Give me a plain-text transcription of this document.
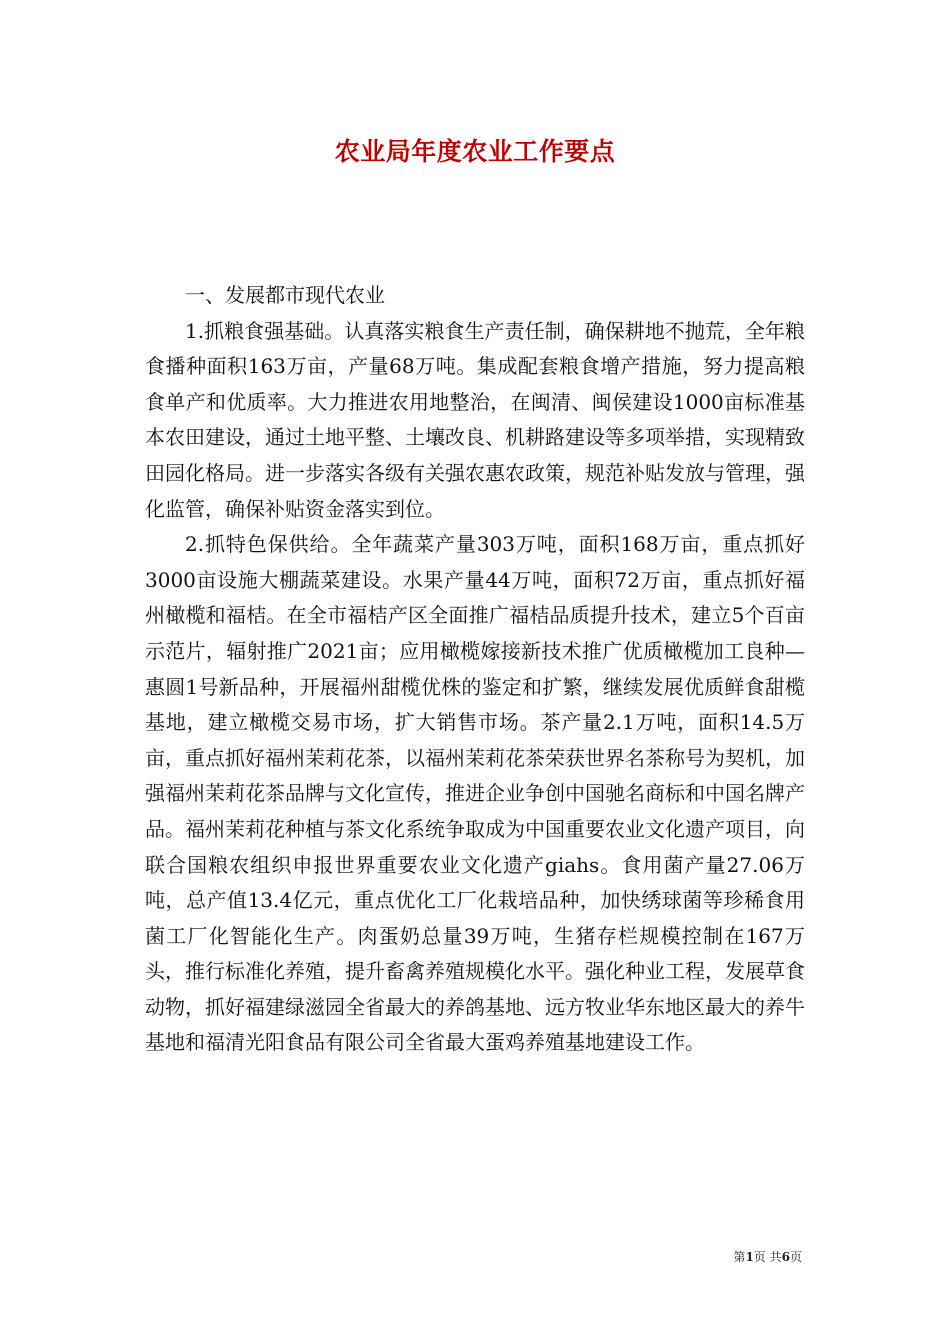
农业局年度农业工作要点

一、发展都市现代农业

1.抓粮食强基础。认真落实粮食生产责任制，确保耕地不抛荒，全年粮食播种面积163万亩，产量68万吨。集成配套粮食增产措施，努力提高粮食单产和优质率。大力推进农用地整治，在闽清、闽侯建设1000亩标准基本农田建设，通过土地平整、土壤改良、机耕路建设等多项举措，实现精致田园化格局。进一步落实各级有关强农惠农政策，规范补贴发放与管理，强化监管，确保补贴资金落实到位。

2.抓特色保供给。全年蔬菜产量303万吨，面积168万亩，重点抓好3000亩设施大棚蔬菜建设。水果产量44万吨，面积72万亩，重点抓好福州橄榄和福桔。在全市福桔产区全面推广福桔品质提升技术，建立5个百亩示范片，辐射推广2021亩；应用橄榄嫁接新技术推广优质橄榄加工良种—惠圆1号新品种，开展福州甜榄优株的鉴定和扩繁，继续发展优质鲜食甜榄基地，建立橄榄交易市场，扩大销售市场。茶产量2.1万吨，面积14.5万亩，重点抓好福州茉莉花茶，以福州茉莉花茶荣获世界名茶称号为契机，加强福州茉莉花茶品牌与文化宣传，推进企业争创中国驰名商标和中国名牌产品。福州茉莉花种植与茶文化系统争取成为中国重要农业文化遗产项目，向联合国粮农组织申报世界重要农业文化遗产giahs。食用菌产量27.06万吨，总产值13.4亿元，重点优化工厂化栽培品种，加快绣球菌等珍稀食用菌工厂化智能化生产。肉蛋奶总量39万吨，生猪存栏规模控制在167万头，推行标准化养殖，提升畜禽养殖规模化水平。强化种业工程，发展草食动物，抓好福建绿滋园全省最大的养鸽基地、远方牧业华东地区最大的养牛基地和福清光阳食品有限公司全省最大蛋鸡养殖基地建设工作。

第1页 共6页
